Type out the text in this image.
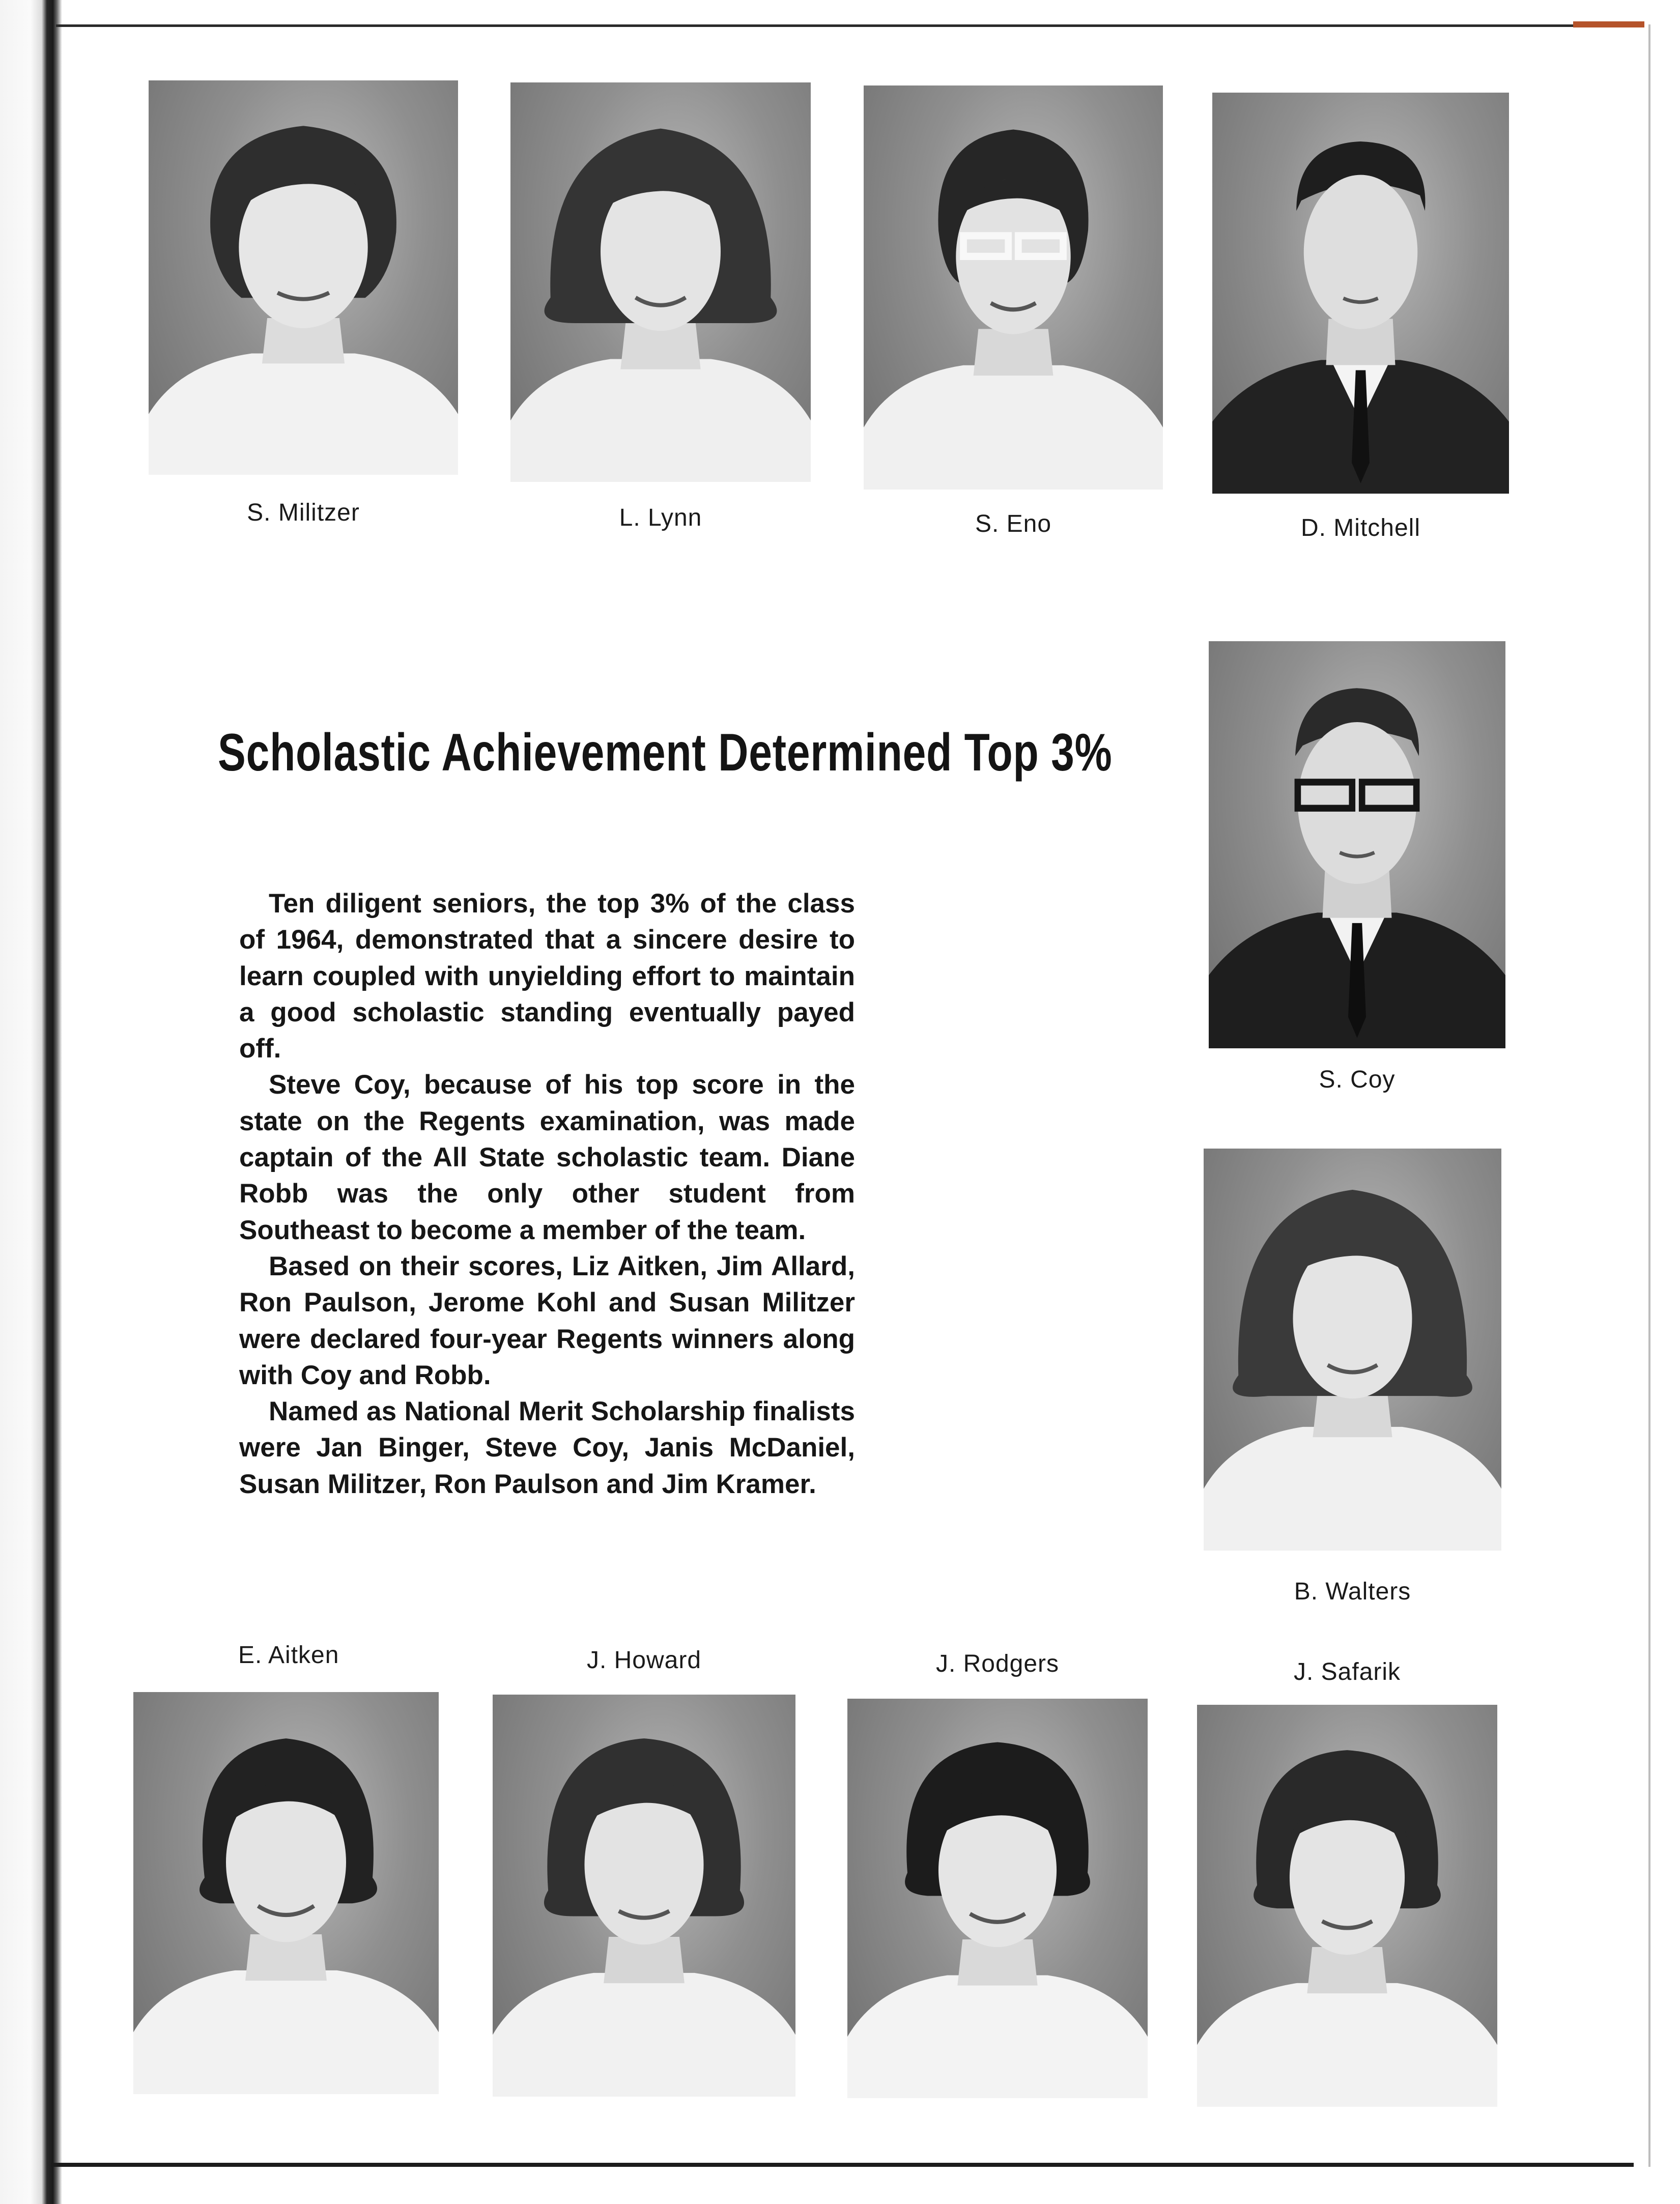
S. Militzer	L. Lynn	S. Eno	D. Mitchell
Scholastic Achievement Determined Top 3%

Ten diligent seniors, the top 3% of the class of 1964, demonstrated that a sincere desire to learn coupled with unyielding effort to maintain a good scholastic standing eventually payed off.

Steve Coy, because of his top score in the state on the Regents examination, was made captain of the All State scholastic team. Diane Robb was the only other student from Southeast to become a member of the team.

Based on their scores, Liz Aitken, Jim Allard, Ron Paulson, Jerome Kohl and Susan Militzer were declared four-year Regents winners along with Coy and Robb.

Named as National Merit Scholarship finalists were Jan Binger, Steve Coy, Janis McDaniel, Susan Militzer, Ron Paulson and Jim Kramer.

S. Coy
B. Walters
E. Aitken	J. Howard	J. Rodgers	J. Safarik
